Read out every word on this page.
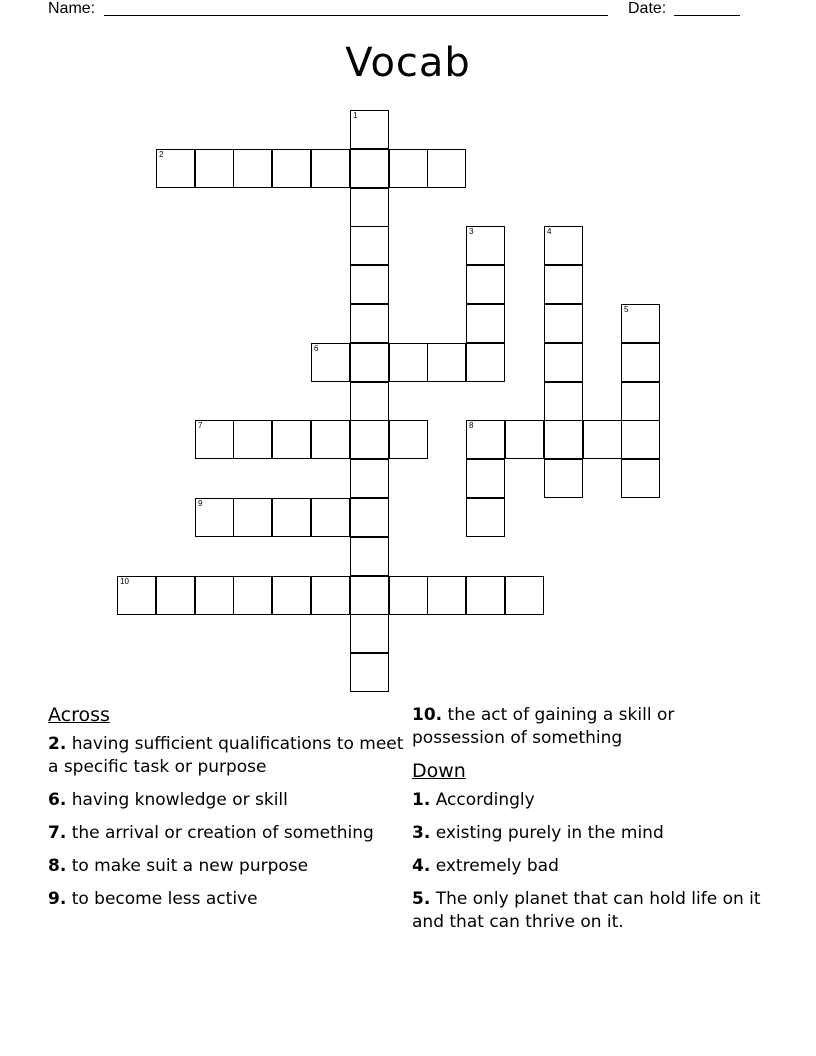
Name:	Date:
Vocab
1
2
3	4
5
6
7	8
9
10
Across
2. having sufficient qualifications to meet a specific task or purpose
6. having knowledge or skill
7. the arrival or creation of something
8. to make suit a new purpose
9. to become less active
10. the act of gaining a skill or possession of something
Down
1. Accordingly
3. existing purely in the mind
4. extremely bad
5. The only planet that can hold life on it and that can thrive on it.
